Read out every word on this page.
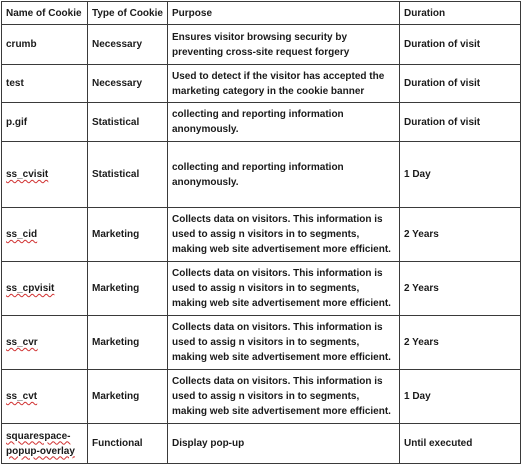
Name of Cookie	Type of Cookie	Purpose	Duration
crumb	Necessary	Ensures visitor browsing security by preventing cross-site request forgery	Duration of visit
test	Necessary	Used to detect if the visitor has accepted the marketing category in the cookie banner	Duration of visit
p.gif	Statistical	collecting and reporting information anonymously.	Duration of visit
ss_cvisit	Statistical	collecting and reporting information anonymously.	1 Day
ss_cid	Marketing	Collects data on visitors. This information is used to assig n visitors in to segments, making web site advertisement more efficient.	2 Years
ss_cpvisit	Marketing	Collects data on visitors. This information is used to assig n visitors in to segments, making web site advertisement more efficient.	2 Years
ss_cvr	Marketing	Collects data on visitors. This information is used to assig n visitors in to segments, making web site advertisement more efficient.	2 Years
ss_cvt	Marketing	Collects data on visitors. This information is used to assig n visitors in to segments, making web site advertisement more efficient.	1 Day
squarespace-popup-overlay	Functional	Display pop-up	Until executed
